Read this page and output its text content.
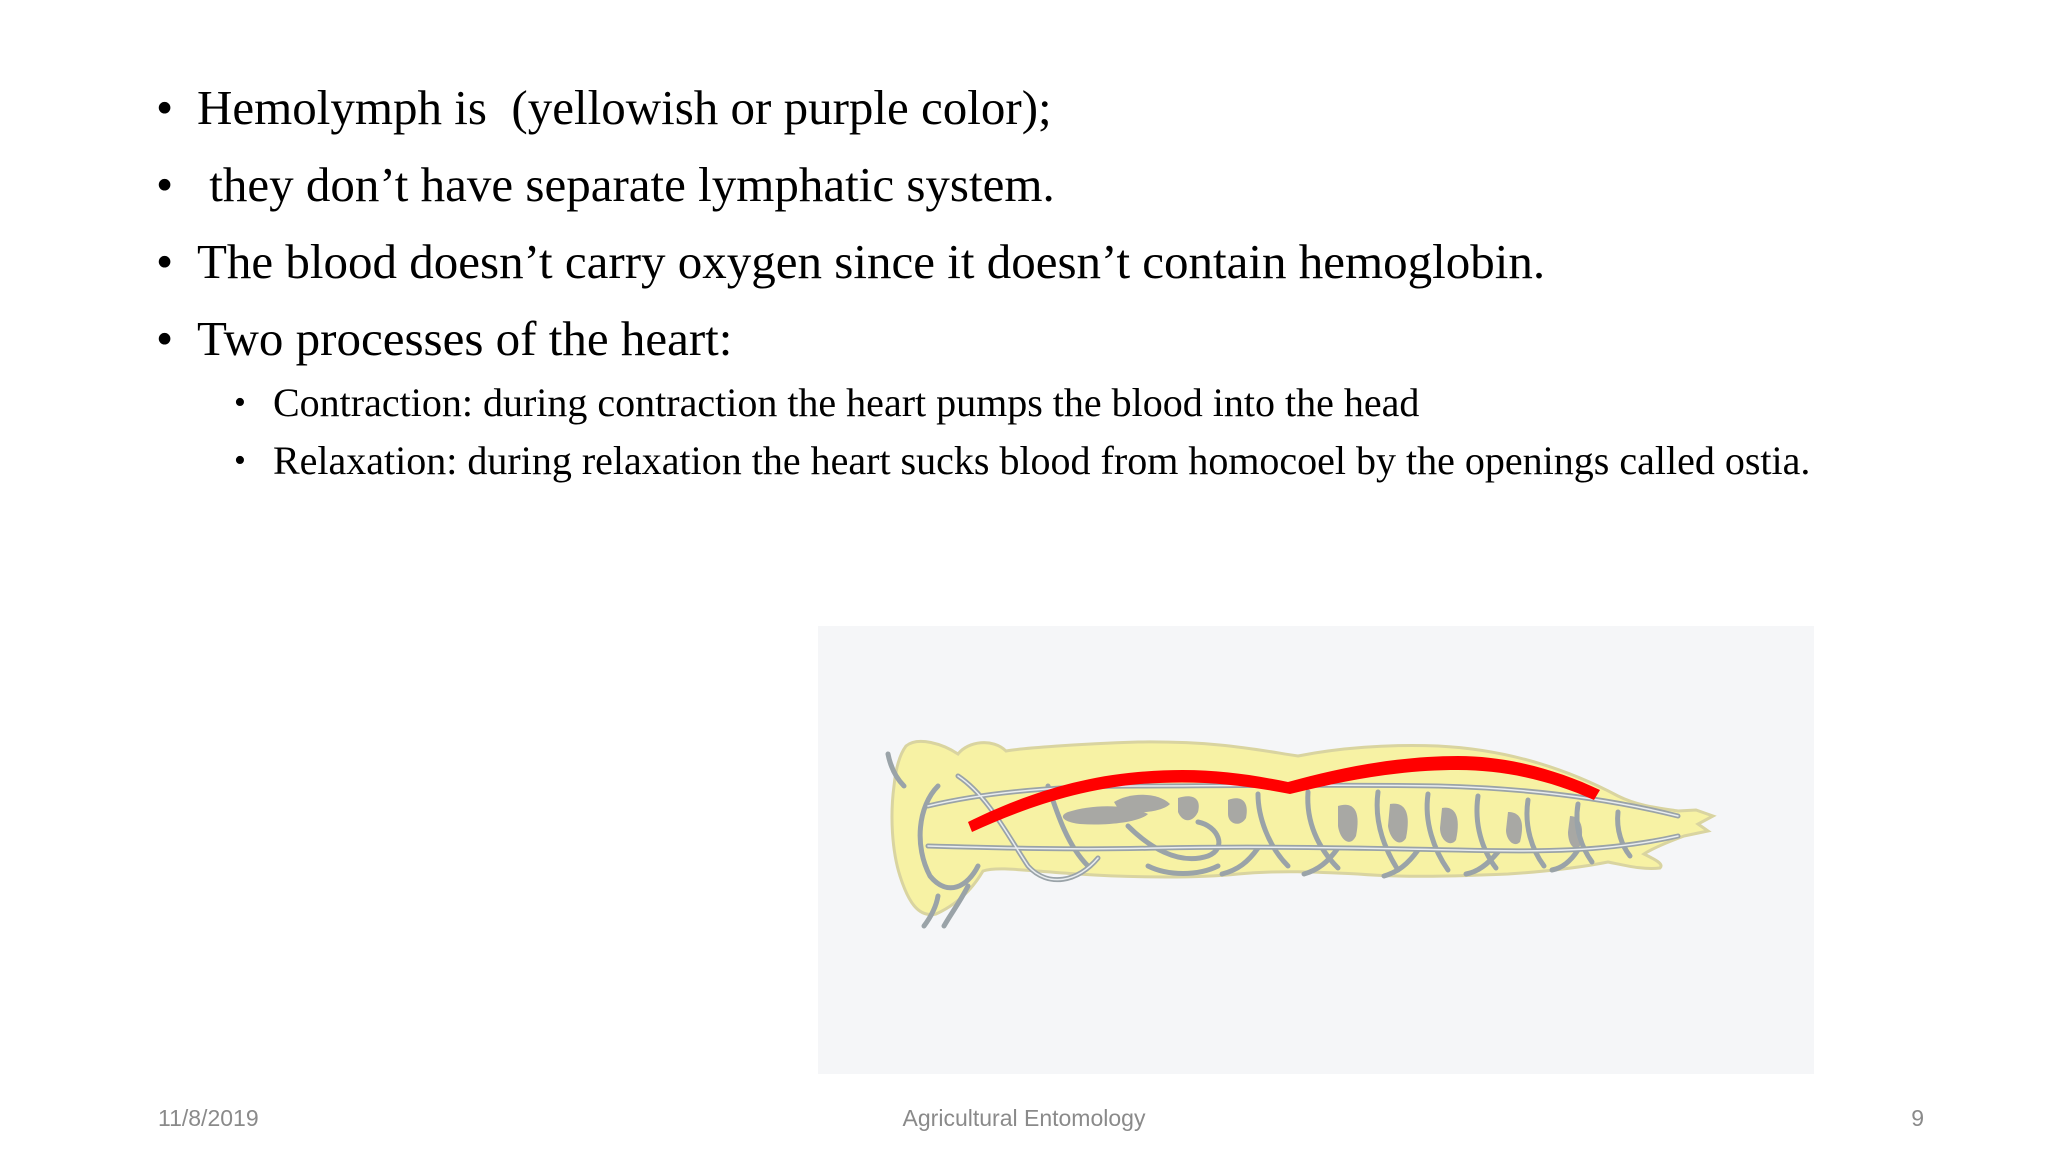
• Hemolymph is  (yellowish or purple color);
• they don’t have separate lymphatic system.
• The blood doesn’t carry oxygen since it doesn’t contain hemoglobin.
• Two processes of the heart:
• Contraction: during contraction the heart pumps the blood into the head
• Relaxation: during relaxation the heart sucks blood from homocoel by the openings called ostia.
11/8/2019	Agricultural Entomology	9
